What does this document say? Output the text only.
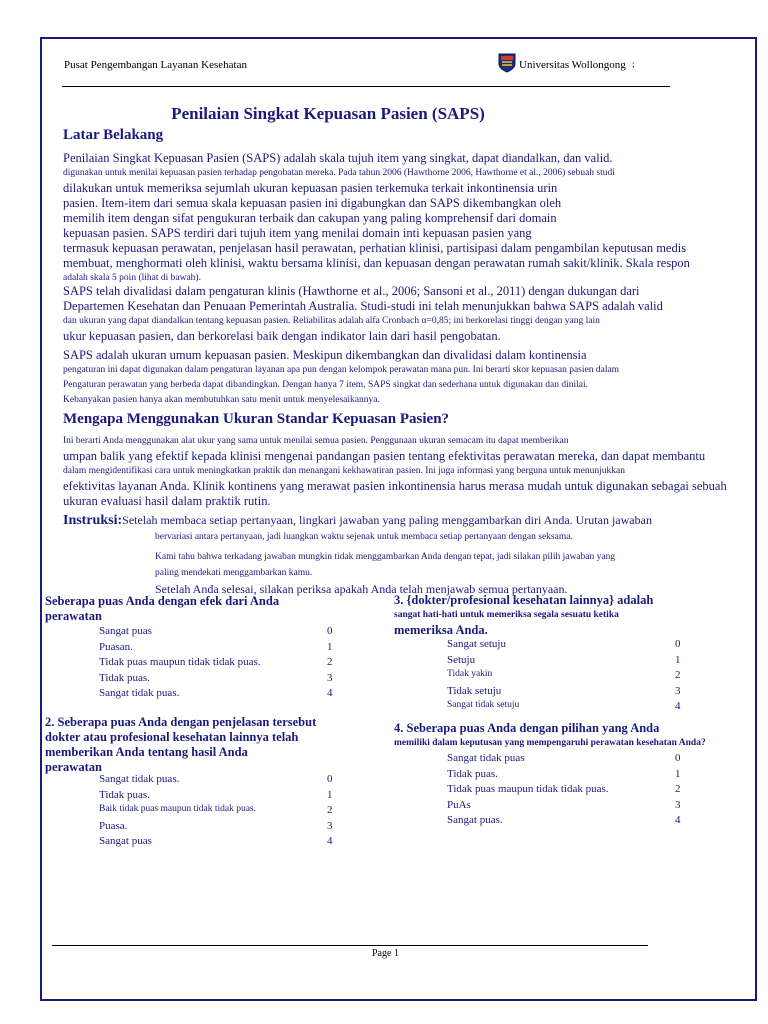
Pusat Pengembangan Layanan Kesehatan	Universitas Wollongong ;
Penilaian Singkat Kepuasan Pasien (SAPS)
Latar Belakang
Penilaian Singkat Kepuasan Pasien (SAPS) adalah skala tujuh item yang singkat, dapat diandalkan, dan valid.
digunakan untuk menilai kepuasan pasien terhadap pengobatan mereka. Pada tahun 2006 (Hawthorne 2006, Hawthorne et al., 2006) sebuah studi
dilakukan untuk memeriksa sejumlah ukuran kepuasan pasien terkemuka terkait inkontinensia urin
pasien. Item-item dari semua skala kepuasan pasien ini digabungkan dan SAPS dikembangkan oleh
memilih item dengan sifat pengukuran terbaik dan cakupan yang paling komprehensif dari domain
kepuasan pasien. SAPS terdiri dari tujuh item yang menilai domain inti kepuasan pasien yang
termasuk kepuasan perawatan, penjelasan hasil perawatan, perhatian klinisi, partisipasi dalam pengambilan keputusan medis
membuat, menghormati oleh klinisi, waktu bersama klinisi, dan kepuasan dengan perawatan rumah sakit/klinik. Skala respon
adalah skala 5 poin (lihat di bawah).
SAPS telah divalidasi dalam pengaturan klinis (Hawthorne et al., 2006; Sansoni et al., 2011) dengan dukungan dari
Departemen Kesehatan dan Penuaan Pemerintah Australia. Studi-studi ini telah menunjukkan bahwa SAPS adalah valid
dan ukuran yang dapat diandalkan tentang kepuasan pasien. Reliabilitas adalah alfa Cronbach α=0,85; ini berkorelasi tinggi dengan yang lain
ukur kepuasan pasien, dan berkorelasi baik dengan indikator lain dari hasil pengobatan.
SAPS adalah ukuran umum kepuasan pasien. Meskipun dikembangkan dan divalidasi dalam kontinensia
pengaturan ini dapat digunakan dalam pengaturan layanan apa pun dengan kelompok perawatan mana pun. Ini berarti skor kepuasan pasien dalam
Pengaturan perawatan yang berbeda dapat dibandingkan. Dengan hanya 7 item, SAPS singkat dan sederhana untuk digunakan dan dinilai.
Kebanyakan pasien hanya akan membutuhkan satu menit untuk menyelesaikannya.
Mengapa Menggunakan Ukuran Standar Kepuasan Pasien?
Ini berarti Anda menggunakan alat ukur yang sama untuk menilai semua pasien. Penggunaan ukuran semacam itu dapat memberikan
umpan balik yang efektif kepada klinisi mengenai pandangan pasien tentang efektivitas perawatan mereka, dan dapat membantu
dalam mengidentifikasi cara untuk meningkatkan praktik dan menangani kekhawatiran pasien. Ini juga informasi yang berguna untuk menunjukkan
efektivitas layanan Anda. Klinik kontinens yang merawat pasien inkontinensia harus merasa mudah untuk digunakan sebagai sebuah
ukuran evaluasi hasil dalam praktik rutin.
Instruksi:Setelah membaca setiap pertanyaan, lingkari jawaban yang paling menggambarkan diri Anda. Urutan jawaban
bervariasi antara pertanyaan, jadi luangkan waktu sejenak untuk membaca setiap pertanyaan dengan seksama.
Kami tahu bahwa terkadang jawaban mungkin tidak menggambarkan Anda dengan tepat, jadi silakan pilih jawaban yang
paling mendekati menggambarkan kamu.
Setelah Anda selesai, silakan periksa apakah Anda telah menjawab semua pertanyaan.
Seberapa puas Anda dengan efek dari Anda
perawatan
Sangat puas	0
Puasan.	1
Tidak puas maupun tidak tidak puas.	2
Tidak puas.	3
Sangat tidak puas.	4
2. Seberapa puas Anda dengan penjelasan tersebut
dokter atau profesional kesehatan lainnya telah
memberikan Anda tentang hasil Anda
perawatan
Sangat tidak puas.	0
Tidak puas.	1
Baik tidak puas maupun tidak tidak puas.	2
Puasa.	3
Sangat puas	4
3. {dokter/profesional kesehatan lainnya} adalah
sangat hati-hati untuk memeriksa segala sesuatu ketika
memeriksa Anda.
Sangat setuju	0
Setuju	1
Tidak yakin	2
Tidak setuju	3
Sangat tidak setuju	4
4. Seberapa puas Anda dengan pilihan yang Anda
memiliki dalam keputusan yang mempengaruhi perawatan kesehatan Anda?
Sangat tidak puas	0
Tidak puas.	1
Tidak puas maupun tidak tidak puas.	2
PuAs	3
Sangat puas.	4
Page 1
